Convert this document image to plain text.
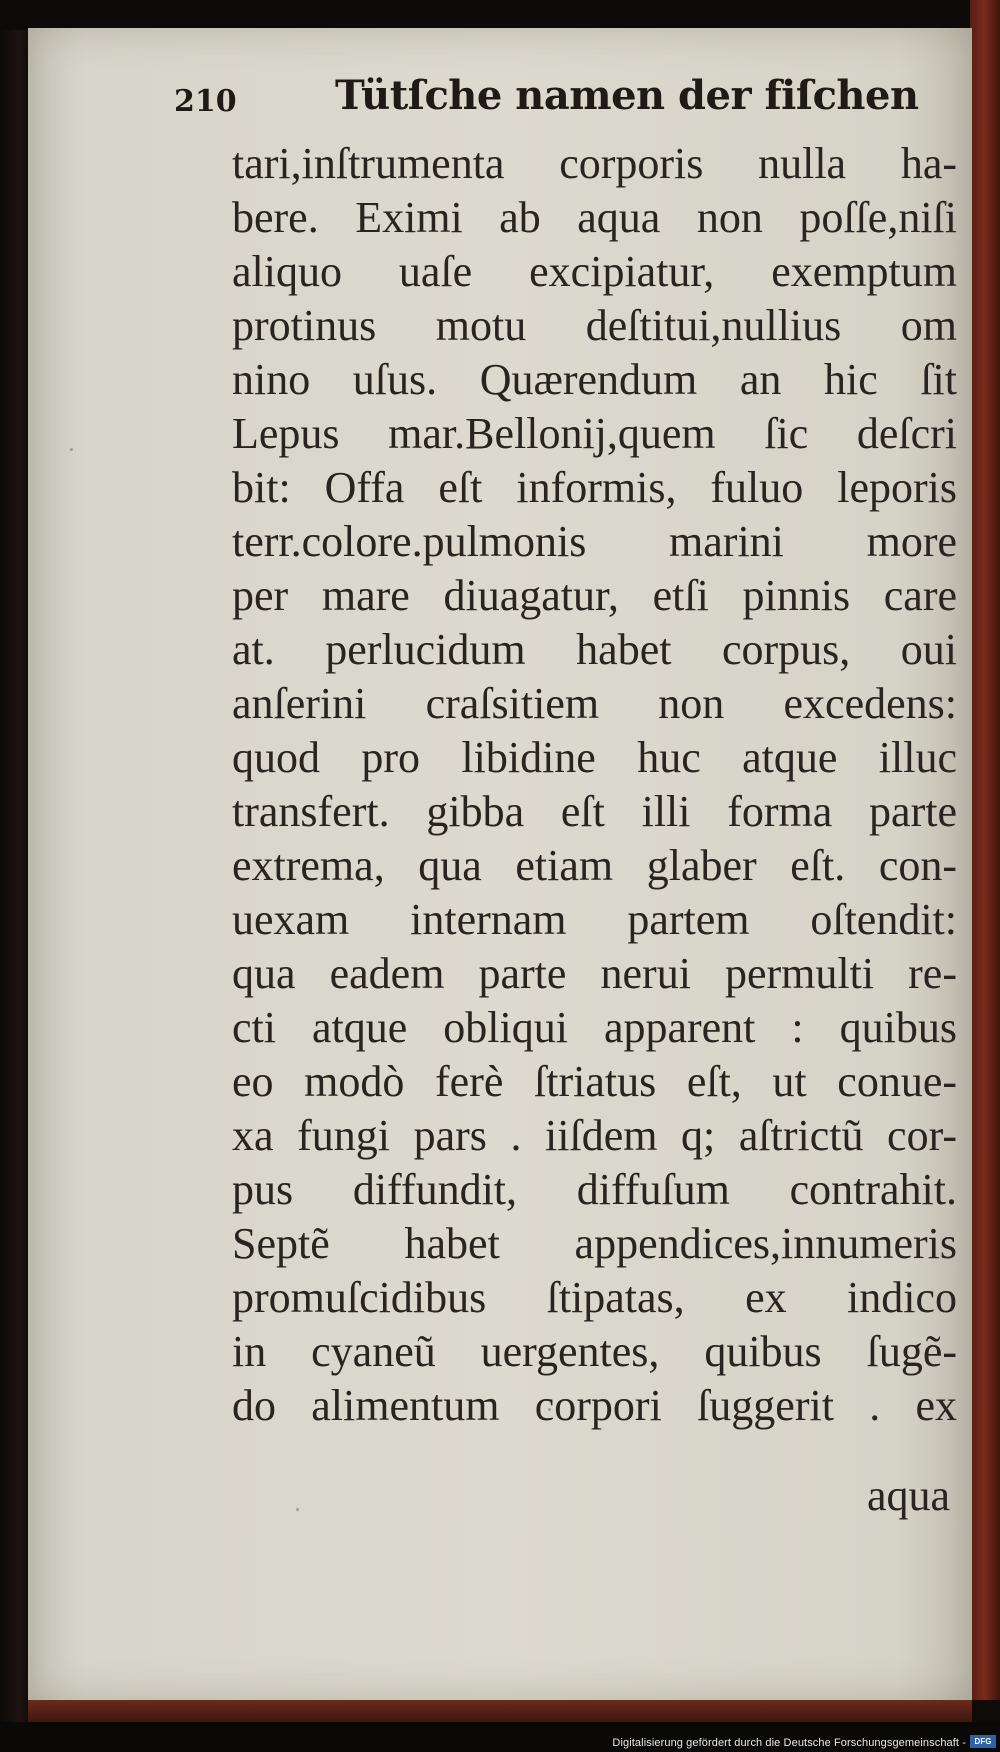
210 Tütſche namen der fiſchen
tari,inſtrumenta corporis nulla ha-
bere. Eximi ab aqua non poſſe,niſi
aliquo uaſe excipiatur, exemptum
protinus motu deſtitui,nullius om
nino uſus. Quærendum an hic ſit
Lepus mar.Bellonij,quem ſic deſcri
bit: Offa eſt informis, fuluo leporis
terr.colore.pulmonis marini more
per mare diuagatur, etſi pinnis care
at. perlucidum habet corpus, oui
anſerini craſsitiem non excedens:
quod pro libidine huc atque illuc
transfert. gibba eſt illi forma parte
extrema, qua etiam glaber eſt. con-
uexam internam partem oſtendit:
qua eadem parte nerui permulti re-
cti atque obliqui apparent : quibus
eo modò ferè ſtriatus eſt, ut conue-
xa fungi pars . iiſdem q; aſtrictũ cor-
pus diffundit, diffuſum contrahit.
Septẽ habet appendices,innumeris
promuſcidibus ſtipatas, ex indico
in cyaneũ uergentes, quibus ſugẽ-
do alimentum corpori ſuggerit . ex
aqua
Digitalisierung gefördert durch die Deutsche Forschungsgemeinschaft -	DFG
